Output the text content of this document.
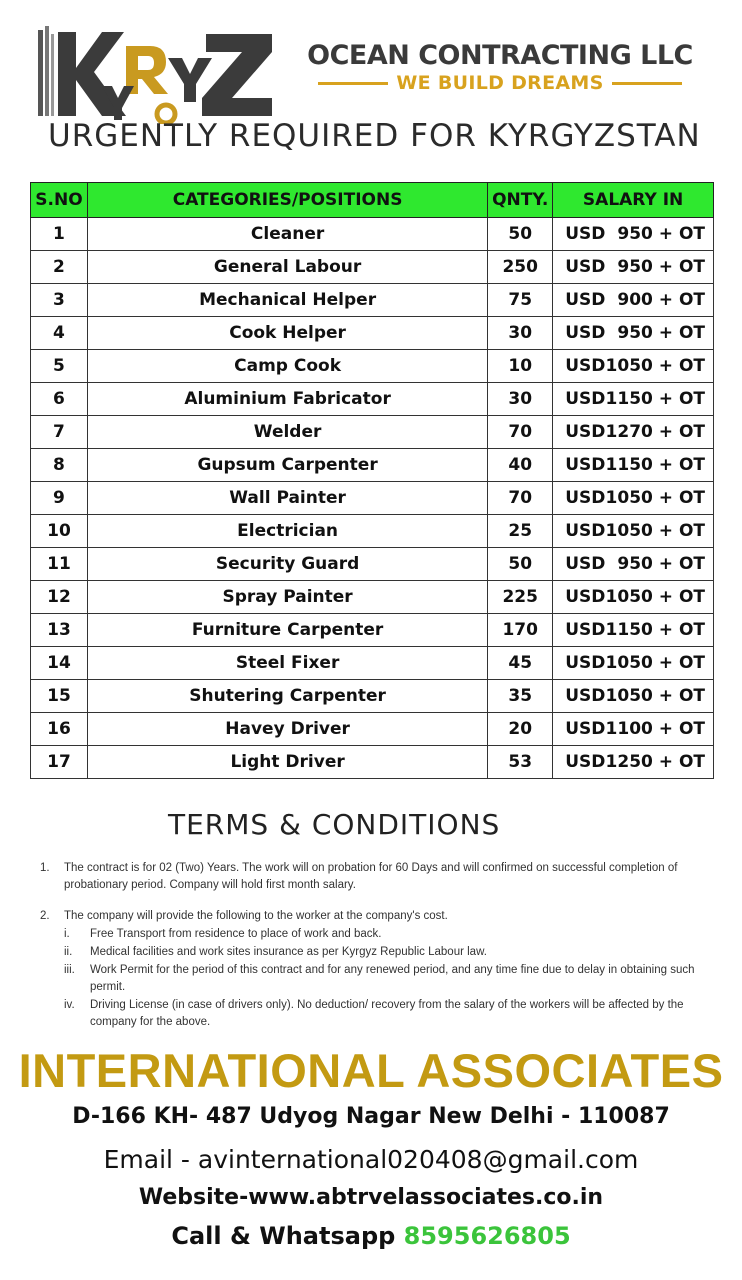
OCEAN CONTRACTING LLC
WE BUILD DREAMS
URGENTLY REQUIRED FOR KYRGYZSTAN
S.NO	CATEGORIES/POSITIONS	QNTY.	SALARY IN
1	Cleaner	50	USD 950 + OT

2	General Labour	250	USD 950 + OT

3	Mechanical Helper	75	USD 900 + OT

4	Cook Helper	30	USD 950 + OT

5	Camp Cook	10	USD 1050 + OT

6	Aluminium Fabricator	30	USD 1150 + OT

7	Welder	70	USD 1270 + OT

8	Gupsum Carpenter	40	USD 1150 + OT

9	Wall Painter	70	USD 1050 + OT

10	Electrician	25	USD 1050 + OT

11	Security Guard	50	USD 950 + OT

12	Spray Painter	225	USD 1050 + OT

13	Furniture Carpenter	170	USD 1150 + OT

14	Steel Fixer	45	USD 1050 + OT

15	Shutering Carpenter	35	USD 1050 + OT

16	Havey Driver	20	USD 1100 + OT

17	Light Driver	53	USD 1250 + OT
TERMS & CONDITIONS
1.	The contract is for 02 (Two) Years. The work will on probation for 60 Days and will confirmed on successful completion of probationary period. Company will hold first month salary.
2.	The company will provide the following to the worker at the company's cost.
i.	Free Transport from residence to place of work and back.
ii.	Medical facilities and work sites insurance as per Kyrgyz Republic Labour law.
iii.	Work Permit for the period of this contract and for any renewed period, and any time fine due to delay in obtaining such permit.
iv.	Driving License (in case of drivers only). No deduction/ recovery from the salary of the workers will be affected by the company for the above.
INTERNATIONAL ASSOCIATES
D-166 KH- 487 Udyog Nagar New Delhi - 110087
Email - avinternational020408@gmail.com
Website-www.abtrvelassociates.co.in
Call & Whatsapp 8595626805
